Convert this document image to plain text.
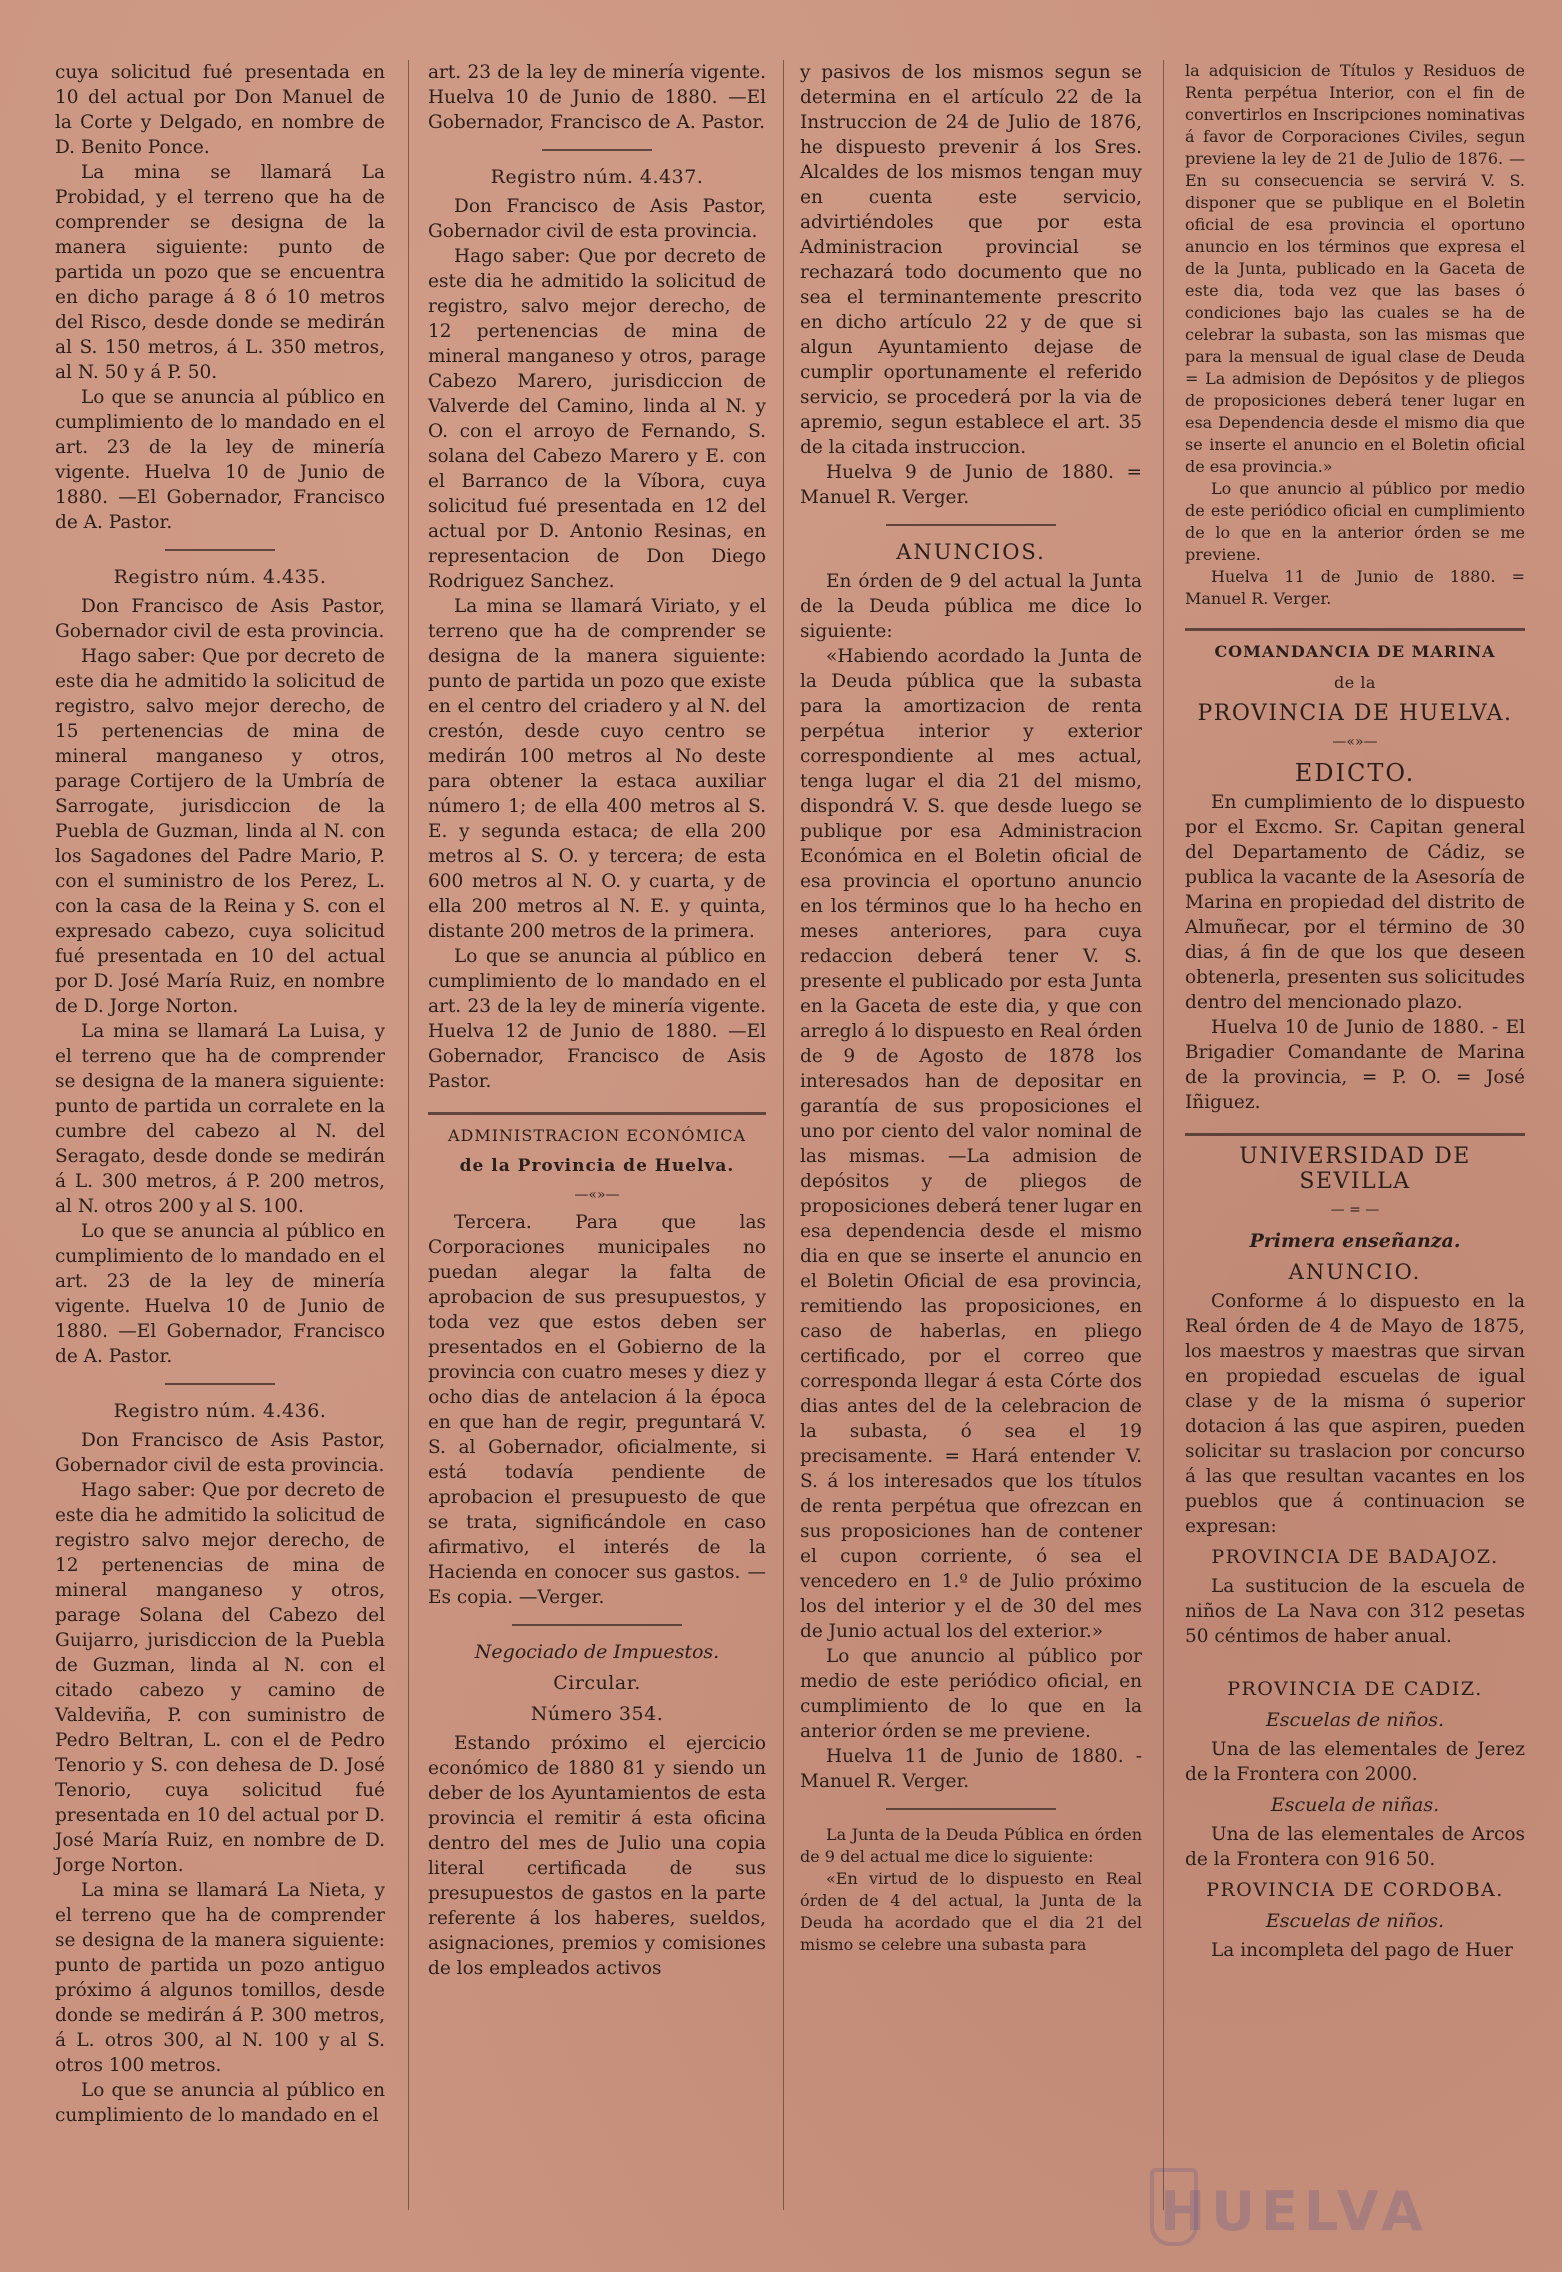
cuya solicitud fué presentada en 10 del actual por Don Manuel de la Corte y Delgado, en nombre de D. Benito Ponce.

La mina se llamará La Probidad, y el terreno que ha de comprender se designa de la manera siguiente: punto de partida un pozo que se encuentra en dicho parage á 8 ó 10 metros del Risco, desde donde se medirán al S. 150 metros, á L. 350 metros, al N. 50 y á P. 50.

Lo que se anuncia al público en cumplimiento de lo mandado en el art. 23 de la ley de minería vigente. Huelva 10 de Junio de 1880. —El Gobernador, Francisco de A. Pastor.

Registro núm. 4.435.

Don Francisco de Asis Pastor, Gobernador civil de esta provincia.

Hago saber: Que por decreto de este dia he admitido la solicitud de registro, salvo mejor derecho, de 15 pertenencias de mina de mineral manganeso y otros, parage Cortijero de la Umbría de Sarrogate, jurisdiccion de la Puebla de Guzman, linda al N. con los Sagadones del Padre Mario, P. con el suministro de los Perez, L. con la casa de la Reina y S. con el expresado cabezo, cuya solicitud fué presentada en 10 del actual por D. José María Ruiz, en nombre de D. Jorge Norton.

La mina se llamará La Luisa, y el terreno que ha de comprender se designa de la manera siguiente: punto de partida un corralete en la cumbre del cabezo al N. del Seragato, desde donde se medirán á L. 300 metros, á P. 200 metros, al N. otros 200 y al S. 100.

Lo que se anuncia al público en cumplimiento de lo mandado en el art. 23 de la ley de minería vigente. Huelva 10 de Junio de 1880. —El Gobernador, Francisco de A. Pastor.

Registro núm. 4.436.

Don Francisco de Asis Pastor, Gobernador civil de esta provincia.

Hago saber: Que por decreto de este dia he admitido la solicitud de registro salvo mejor derecho, de 12 pertenencias de mina de mineral manganeso y otros, parage Solana del Cabezo del Guijarro, jurisdiccion de la Puebla de Guzman, linda al N. con el citado cabezo y camino de Valdeviña, P. con suministro de Pedro Beltran, L. con el de Pedro Tenorio y S. con dehesa de D. José Tenorio, cuya solicitud fué presentada en 10 del actual por D. José María Ruiz, en nombre de D. Jorge Norton.

La mina se llamará La Nieta, y el terreno que ha de comprender se designa de la manera siguiente: punto de partida un pozo antiguo próximo á algunos tomillos, desde donde se medirán á P. 300 metros, á L. otros 300, al N. 100 y al S. otros 100 metros.

Lo que se anuncia al público en cumplimiento de lo mandado en el

art. 23 de la ley de minería vigente. Huelva 10 de Junio de 1880. —El Gobernador, Francisco de A. Pastor.

Registro núm. 4.437.

Don Francisco de Asis Pastor, Gobernador civil de esta provincia.

Hago saber: Que por decreto de este dia he admitido la solicitud de registro, salvo mejor derecho, de 12 pertenencias de mina de mineral manganeso y otros, parage Cabezo Marero, jurisdiccion de Valverde del Camino, linda al N. y O. con el arroyo de Fernando, S. solana del Cabezo Marero y E. con el Barranco de la Víbora, cuya solicitud fué presentada en 12 del actual por D. Antonio Resinas, en representacion de Don Diego Rodriguez Sanchez.

La mina se llamará Viriato, y el terreno que ha de comprender se designa de la manera siguiente: punto de partida un pozo que existe en el centro del criadero y al N. del crestón, desde cuyo centro se medirán 100 metros al No deste para obtener la estaca auxiliar número 1; de ella 400 metros al S. E. y segunda estaca; de ella 200 metros al S. O. y tercera; de esta 600 metros al N. O. y cuarta, y de ella 200 metros al N. E. y quinta, distante 200 metros de la primera.

Lo que se anuncia al público en cumplimiento de lo mandado en el art. 23 de la ley de minería vigente. Huelva 12 de Junio de 1880. —El Gobernador, Francisco de Asis Pastor.

ADMINISTRACION ECONÓMICA
de la Provincia de Huelva.
—«»—

Tercera. Para que las Corporaciones municipales no puedan alegar la falta de aprobacion de sus presupuestos, y toda vez que estos deben ser presentados en el Gobierno de la provincia con cuatro meses y diez y ocho dias de antelacion á la época en que han de regir, preguntará V. S. al Gobernador, oficialmente, si está todavía pendiente de aprobacion el presupuesto de que se trata, significándole en caso afirmativo, el interés de la Hacienda en conocer sus gastos. —Es copia. —Verger.

Negociado de Impuestos.
Circular.
Número 354.

Estando próximo el ejercicio económico de 1880 81 y siendo un deber de los Ayuntamientos de esta provincia el remitir á esta oficina dentro del mes de Julio una copia literal certificada de sus presupuestos de gastos en la parte referente á los haberes, sueldos, asignaciones, premios y comisiones de los empleados activos

y pasivos de los mismos segun se determina en el artículo 22 de la Instruccion de 24 de Julio de 1876, he dispuesto prevenir á los Sres. Alcaldes de los mismos tengan muy en cuenta este servicio, advirtiéndoles que por esta Administracion provincial se rechazará todo documento que no sea el terminantemente prescrito en dicho artículo 22 y de que si algun Ayuntamiento dejase de cumplir oportunamente el referido servicio, se procederá por la via de apremio, segun establece el art. 35 de la citada instruccion.

Huelva 9 de Junio de 1880. = Manuel R. Verger.

ANUNCIOS.

En órden de 9 del actual la Junta de la Deuda pública me dice lo siguiente:

«Habiendo acordado la Junta de la Deuda pública que la subasta para la amortizacion de renta perpétua interior y exterior correspondiente al mes actual, tenga lugar el dia 21 del mismo, dispondrá V. S. que desde luego se publique por esa Administracion Económica en el Boletin oficial de esa provincia el oportuno anuncio en los términos que lo ha hecho en meses anteriores, para cuya redaccion deberá tener V. S. presente el publicado por esta Junta en la Gaceta de este dia, y que con arreglo á lo dispuesto en Real órden de 9 de Agosto de 1878 los interesados han de depositar en garantía de sus proposiciones el uno por ciento del valor nominal de las mismas. —La admision de depósitos y de pliegos de proposiciones deberá tener lugar en esa dependencia desde el mismo dia en que se inserte el anuncio en el Boletin Oficial de esa provincia, remitiendo las proposiciones, en caso de haberlas, en pliego certificado, por el correo que corresponda llegar á esta Córte dos dias antes del de la celebracion de la subasta, ó sea el 19 precisamente. = Hará entender V. S. á los interesados que los títulos de renta perpétua que ofrezcan en sus proposiciones han de contener el cupon corriente, ó sea el vencedero en 1.º de Julio próximo los del interior y el de 30 del mes de Junio actual los del exterior.»

Lo que anuncio al público por medio de este periódico oficial, en cumplimiento de lo que en la anterior órden se me previene.

Huelva 11 de Junio de 1880. - Manuel R. Verger.

La Junta de la Deuda Pública en órden de 9 del actual me dice lo siguiente:

«En virtud de lo dispuesto en Real órden de 4 del actual, la Junta de la Deuda ha acordado que el dia 21 del mismo se celebre una subasta para

la adquisicion de Títulos y Residuos de Renta perpétua Interior, con el fin de convertirlos en Inscripciones nominativas á favor de Corporaciones Civiles, segun previene la ley de 21 de Julio de 1876. —En su consecuencia se servirá V. S. disponer que se publique en el Boletin oficial de esa provincia el oportuno anuncio en los términos que expresa el de la Junta, publicado en la Gaceta de este dia, toda vez que las bases ó condiciones bajo las cuales se ha de celebrar la subasta, son las mismas que para la mensual de igual clase de Deuda = La admision de Depósitos y de pliegos de proposiciones deberá tener lugar en esa Dependencia desde el mismo dia que se inserte el anuncio en el Boletin oficial de esa provincia.»

Lo que anuncio al público por medio de este periódico oficial en cumplimiento de lo que en la anterior órden se me previene.

Huelva 11 de Junio de 1880. = Manuel R. Verger.

COMANDANCIA DE MARINA
de la
PROVINCIA DE HUELVA.
—«»—
EDICTO.

En cumplimiento de lo dispuesto por el Excmo. Sr. Capitan general del Departamento de Cádiz, se publica la vacante de la Asesoría de Marina en propiedad del distrito de Almuñecar, por el término de 30 dias, á fin de que los que deseen obtenerla, presenten sus solicitudes dentro del mencionado plazo.

Huelva 10 de Junio de 1880. - El Brigadier Comandante de Marina de la provincia, = P. O. = José Iñiguez.

UNIVERSIDAD DE SEVILLA
— = —
Primera enseñanza.
ANUNCIO.

Conforme á lo dispuesto en la Real órden de 4 de Mayo de 1875, los maestros y maestras que sirvan en propiedad escuelas de igual clase y de la misma ó superior dotacion á las que aspiren, pueden solicitar su traslacion por concurso á las que resultan vacantes en los pueblos que á continuacion se expresan:

PROVINCIA DE BADAJOZ.

La sustitucion de la escuela de niños de La Nava con 312 pesetas 50 céntimos de haber anual.

PROVINCIA DE CADIZ.
Escuelas de niños.

Una de las elementales de Jerez de la Frontera con 2000.

Escuela de niñas.

Una de las elementales de Arcos de la Frontera con 916 50.

PROVINCIA DE CORDOBA.
Escuelas de niños.

La incompleta del pago de Huer

HUELVA
